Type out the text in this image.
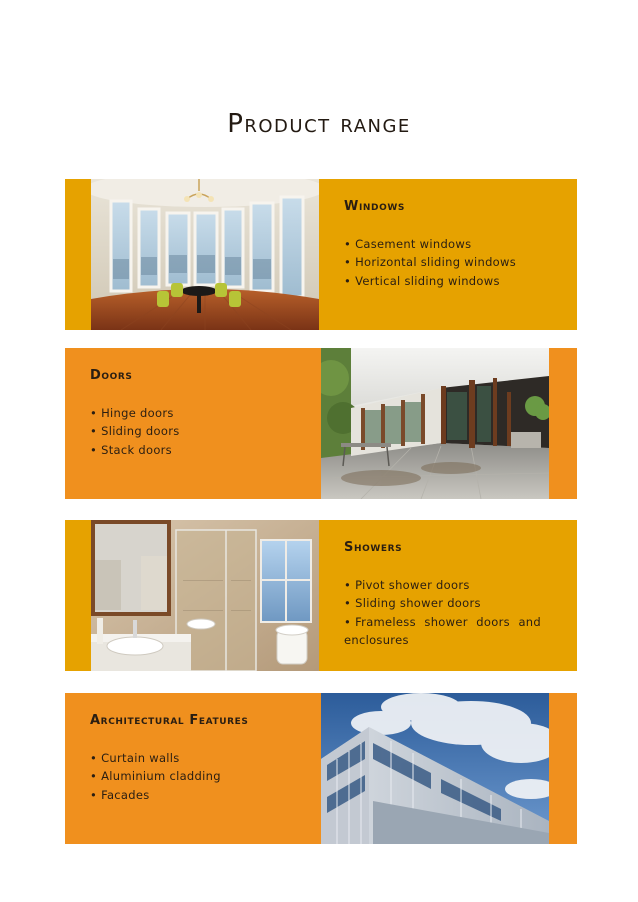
Product range
Windows
• Casement windows
• Horizontal sliding windows
• Vertical sliding windows
Doors
• Hinge doors
• Sliding doors
• Stack doors
Showers
• Pivot shower doors
• Sliding shower doors
• Frameless shower doors and enclosures
Architectural Features
• Curtain walls
• Aluminium cladding
• Facades
